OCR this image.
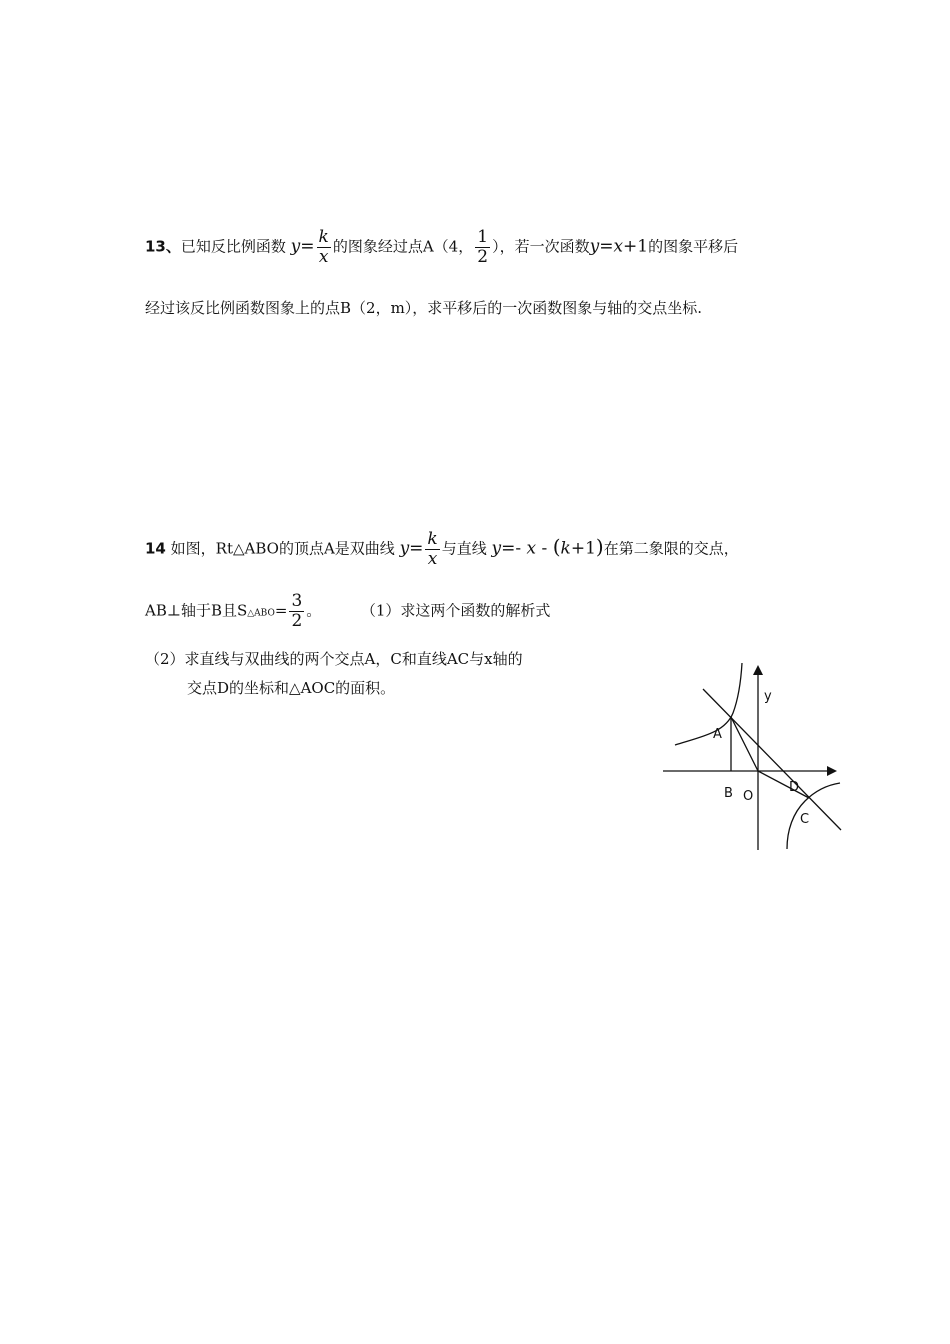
13、已知反比例函数 $y= \frac{k}{x}$ 的图象经过点A（4， $\frac{1}{2}$ ），若一次函数y=x+1的图象平移后
经过该反比例函数图象上的点B（2，m），求平移后的一次函数图象与轴的交点坐标.
14 如图，Rt△ABO的顶点A是双曲线 $y= \frac{k}{x}$ 与直线 y=- x - (k+1)在第二象限的交点，
AB⊥轴于B且S△ABO= $\frac{3}{2}$ 。	（1）求这两个函数的解析式
（2）求直线与双曲线的两个交点A，C和直线AC与x轴的
交点D的坐标和△AOC的面积。	y
A
B O
D
C
